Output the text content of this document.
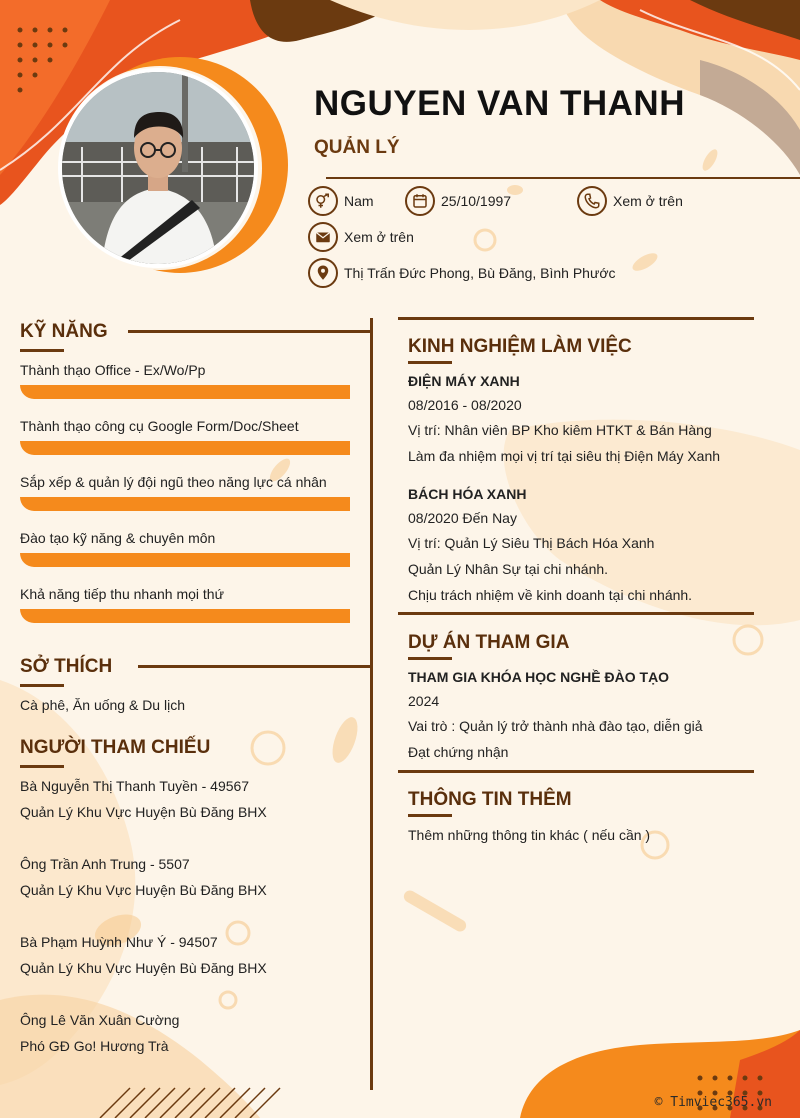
NGUYEN VAN THANH
QUẢN LÝ
Nam	25/10/1997	Xem ở trên
Xem ở trên
Thị Trấn Đức Phong, Bù Đăng, Bình Phước
KỸ NĂNG
Thành thạo Office - Ex/Wo/Pp
Thành thạo công cụ Google Form/Doc/Sheet
Sắp xếp & quản lý đội ngũ theo năng lực cá nhân
Đào tạo kỹ năng & chuyên môn
Khả năng tiếp thu nhanh mọi thứ
SỞ THÍCH
Cà phê, Ăn uống & Du lịch
NGƯỜI THAM CHIẾU
Bà Nguyễn Thị Thanh Tuyền - 49567
Quản Lý Khu Vực Huyện Bù Đăng BHX
Ông Trần Anh Trung - 5507
Quản Lý Khu Vực Huyện Bù Đăng BHX
Bà Phạm Huỳnh Như Ý - 94507
Quản Lý Khu Vực Huyện Bù Đăng BHX
Ông Lê Văn Xuân Cường
Phó GĐ Go! Hương Trà
KINH NGHIỆM LÀM VIỆC
ĐIỆN MÁY XANH
08/2016 - 08/2020
Vị trí: Nhân viên BP Kho kiêm HTKT & Bán Hàng
Làm đa nhiệm mọi vị trí tại siêu thị Điện Máy Xanh
BÁCH HÓA XANH
08/2020 Đến Nay
Vị trí: Quản Lý Siêu Thị Bách Hóa Xanh
Quản Lý Nhân Sự tại chi nhánh.
Chịu trách nhiệm về kinh doanh tại chi nhánh.
DỰ ÁN THAM GIA
THAM GIA KHÓA HỌC NGHỀ ĐÀO TẠO
2024
Vai trò : Quản lý trở thành nhà đào tạo, diễn giả
Đạt chứng nhận
THÔNG TIN THÊM
Thêm những thông tin khác ( nếu cần )
© Timviec365.vn
